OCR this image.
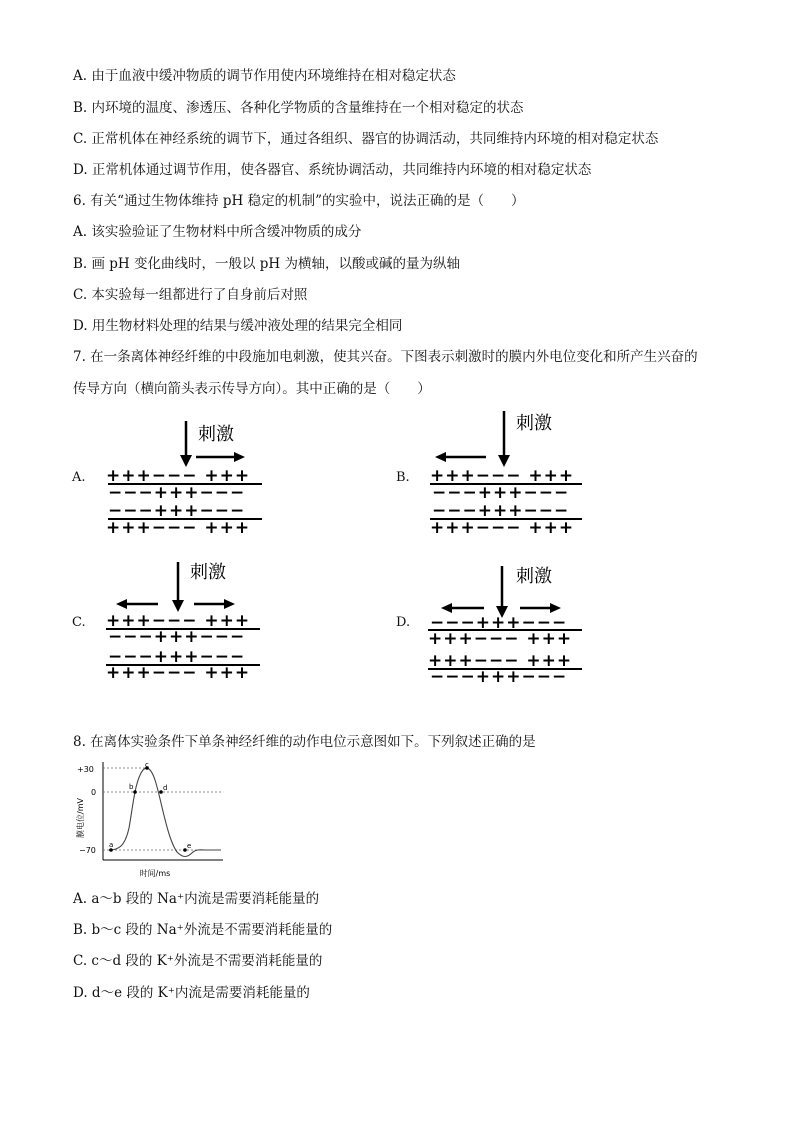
A. 由于血液中缓冲物质的调节作用使内环境维持在相对稳定状态
B. 内环境的温度、渗透压、各种化学物质的含量维持在一个相对稳定的状态
C. 正常机体在神经系统的调节下，通过各组织、器官的协调活动，共同维持内环境的相对稳定状态
D. 正常机体通过调节作用，使各器官、系统协调活动，共同维持内环境的相对稳定状态
6. 有关“通过生物体维持 pH 稳定的机制”的实验中，说法正确的是（　　）
A. 该实验验证了生物材料中所含缓冲物质的成分
B. 画 pH 变化曲线时，一般以 pH 为横轴，以酸或碱的量为纵轴
C. 本实验每一组都进行了自身前后对照
D. 用生物材料处理的结果与缓冲液处理的结果完全相同
7. 在一条离体神经纤维的中段施加电刺激，使其兴奋。下图表示刺激时的膜内外电位变化和所产生兴奋的
传导方向（横向箭头表示传导方向）。其中正确的是（　　）
A.
刺激
+++−−− +++
−−−+++−−−
−−−+++−−−
+++−−− +++
B.
刺激
+++−−− +++
−−−+++−−−
−−−+++−−−
+++−−− +++
C.
刺激
+++−−− +++
−−−+++−−−
−−−+++−−−
+++−−− +++
D.
刺激
−−−+++−−−
+++−−− +++
+++−−− +++
−−−+++−−−
8. 在离体实验条件下单条神经纤维的动作电位示意图如下。下列叙述正确的是
+30
0
−70
膜电位/mV
时间/ms
a
b
c
d
e
A. a～b 段的 Na⁺内流是需要消耗能量的
B. b～c 段的 Na⁺外流是不需要消耗能量的
C. c～d 段的 K⁺外流是不需要消耗能量的
D. d～e 段的 K⁺内流是需要消耗能量的
